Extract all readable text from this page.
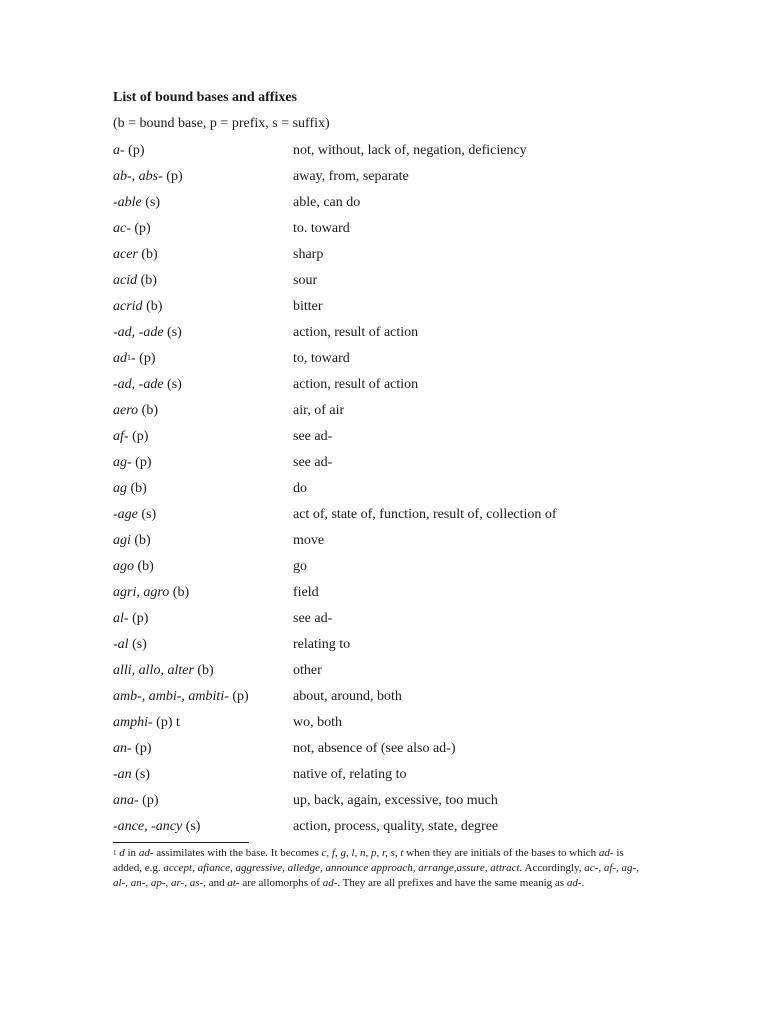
List of bound bases and affixes
(b = bound base, p = prefix, s = suffix)
a- (p)	not, without, lack of, negation, deficiency
ab-, abs- (p)	away, from, separate
-able (s)	able, can do
ac- (p)	to. toward
acer (b)	sharp
acid (b)	sour
acrid (b)	bitter
-ad, -ade (s)	action, result of action
$ad^1-$ (p)	to, toward
-ad, -ade (s)	action, result of action
aero (b)	air, of air
af- (p)	see ad-
ag- (p)	see ad-
ag (b)	do
-age (s)	act of, state of, function, result of, collection of
agi (b)	move
ago (b)	go
agri, agro (b)	field
al- (p)	see ad-
-al (s)	relating to
alli, allo, alter (b)	other
amb-, ambi-, ambiti- (p)	about, around, both
amphi- (p) t	wo, both
an- (p)	not, absence of (see also ad-)
-an (s)	native of, relating to
ana- (p)	up, back, again, excessive, too much
-ance, -ancy (s)	action, process, quality, state, degree
$^1$ d in ad- assimilates with the base. It becomes c, f, g, l, n, p, r, s, t when they are initials of the bases to which ad- is added, e.g. accept, afiance, aggressive, alledge, announce approach, arrange,assure, attract. Accordingly, ac-, af-, ag-, al-, an-, ap-, ar-, as-, and at- are allomorphs of ad-. They are all prefixes and have the same meanig as ad-.
